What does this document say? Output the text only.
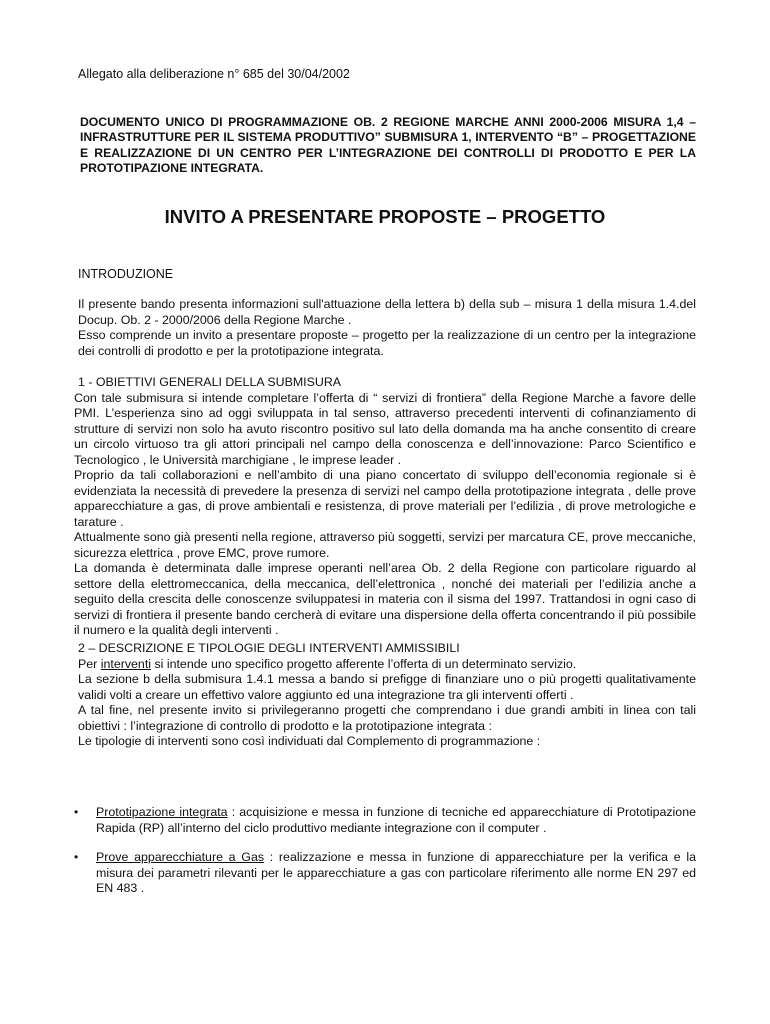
Allegato alla deliberazione n° 685 del 30/04/2002
DOCUMENTO UNICO DI PROGRAMMAZIONE OB. 2 REGIONE MARCHE ANNI 2000-2006 MISURA 1,4 – INFRASTRUTTURE PER IL SISTEMA PRODUTTIVO” SUBMISURA 1, INTERVENTO “B” – PROGETTAZIONE E REALIZZAZIONE DI UN CENTRO PER L’INTEGRAZIONE DEI CONTROLLI DI PRODOTTO E PER LA PROTOTIPAZIONE INTEGRATA.
INVITO A PRESENTARE PROPOSTE – PROGETTO
INTRODUZIONE

Il presente bando presenta informazioni sull'attuazione della lettera b) della sub – misura 1 della misura 1.4.del Docup. Ob. 2 - 2000/2006 della Regione Marche .

Esso comprende un invito a presentare proposte – progetto per la realizzazione di un centro per la integrazione dei controlli di prodotto e per la prototipazione integrata.

1 - OBIETTIVI GENERALI DELLA SUBMISURA

Con tale submisura si intende completare l’offerta di “ servizi di frontiera” della Regione Marche a favore delle PMI. L’esperienza sino ad oggi sviluppata in tal senso, attraverso precedenti interventi di cofinanziamento di strutture di servizi non solo ha avuto riscontro positivo sul lato della domanda ma ha anche consentito di creare un circolo virtuoso tra gli attori principali nel campo della conoscenza e dell’innovazione: Parco Scientifico e Tecnologico , le Università marchigiane , le imprese leader .

Proprio da tali collaborazioni e nell’ambito di una piano concertato di sviluppo dell’economia regionale si è evidenziata la necessità di prevedere la presenza di servizi nel campo della prototipazione integrata , delle prove apparecchiature a gas, di prove ambientali e resistenza, di prove materiali per l’edilizia , di prove metrologiche e tarature .

Attualmente sono già presenti nella regione, attraverso più soggetti, servizi per marcatura CE, prove meccaniche, sicurezza elettrica , prove EMC, prove rumore.

La domanda è determinata dalle imprese operanti nell’area Ob. 2 della Regione con particolare riguardo al settore della elettromeccanica, della meccanica, dell’elettronica , nonché dei materiali per l’edilizia anche a seguito della crescita delle conoscenze sviluppatesi in materia con il sisma del 1997. Trattandosi in ogni caso di servizi di frontiera il presente bando cercherà di evitare una dispersione della offerta concentrando il più possibile il numero e la qualità degli interventi .

2 – DESCRIZIONE E TIPOLOGIE DEGLI INTERVENTI AMMISSIBILI

Per interventi si intende uno specifico progetto afferente l’offerta di un determinato servizio.

La sezione b della submisura 1.4.1 messa a bando si prefigge di finanziare uno o più progetti qualitativamente validi volti a creare un effettivo valore aggiunto ed una integrazione tra gli interventi offerti .

A tal fine, nel presente invito si privilegeranno progetti che comprendano i due grandi ambiti in linea con tali obiettivi : l’integrazione di controllo di prodotto e la prototipazione integrata :

Le tipologie di interventi sono così individuati dal Complemento di programmazione :

• Prototipazione integrata : acquisizione e messa in funzione di tecniche ed apparecchiature di Prototipazione Rapida (RP) all’interno del ciclo produttivo mediante integrazione con il computer .
• Prove apparecchiature a Gas : realizzazione e messa in funzione di apparecchiature per la verifica e la misura dei parametri rilevanti per le apparecchiature a gas con particolare riferimento alle norme EN 297 ed EN 483 .
